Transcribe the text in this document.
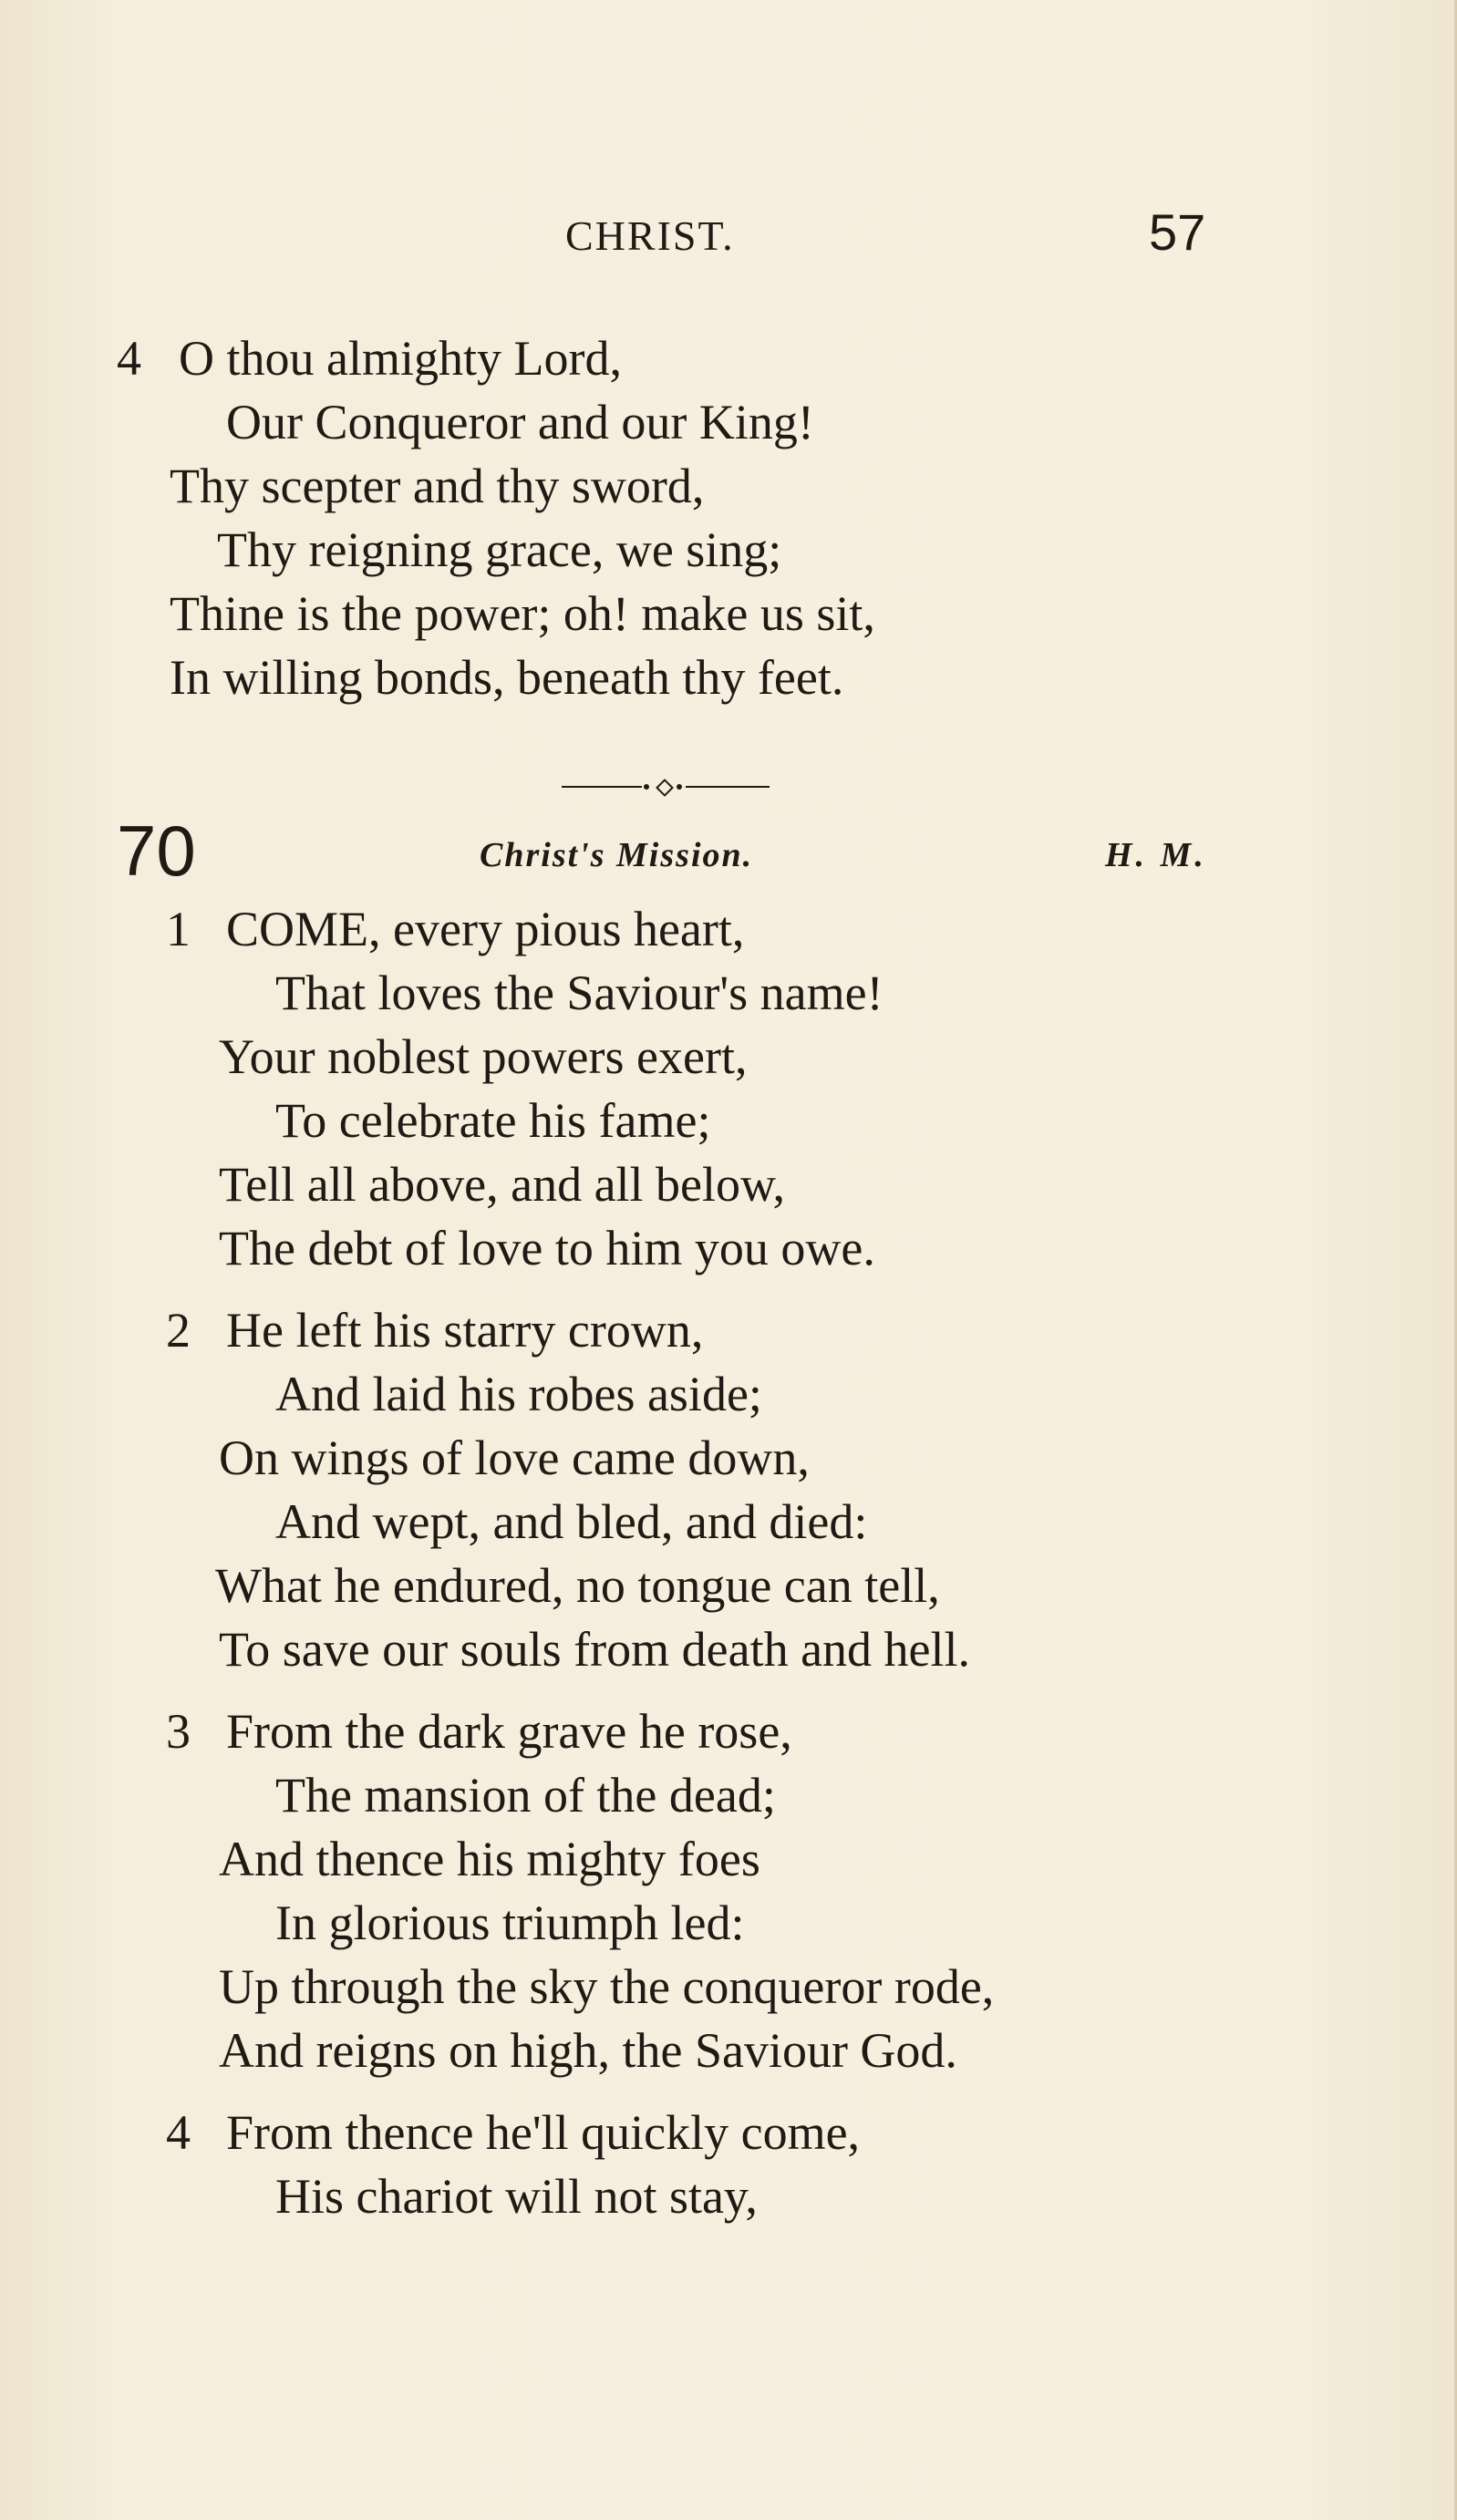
CHRIST.	57
4 O thou almighty Lord,
Our Conqueror and our King!
Thy scepter and thy sword,
Thy reigning grace, we sing;
Thine is the power; oh! make us sit,
In willing bonds, beneath thy feet.
70	Christ's Mission.	H. M.
1 COME, every pious heart,
That loves the Saviour's name!
Your noblest powers exert,
To celebrate his fame;
Tell all above, and all below,
The debt of love to him you owe.
2 He left his starry crown,
And laid his robes aside;
On wings of love came down,
And wept, and bled, and died:
What he endured, no tongue can tell,
To save our souls from death and hell.
3 From the dark grave he rose,
The mansion of the dead;
And thence his mighty foes
In glorious triumph led:
Up through the sky the conqueror rode,
And reigns on high, the Saviour God.
4 From thence he'll quickly come,
His chariot will not stay,
